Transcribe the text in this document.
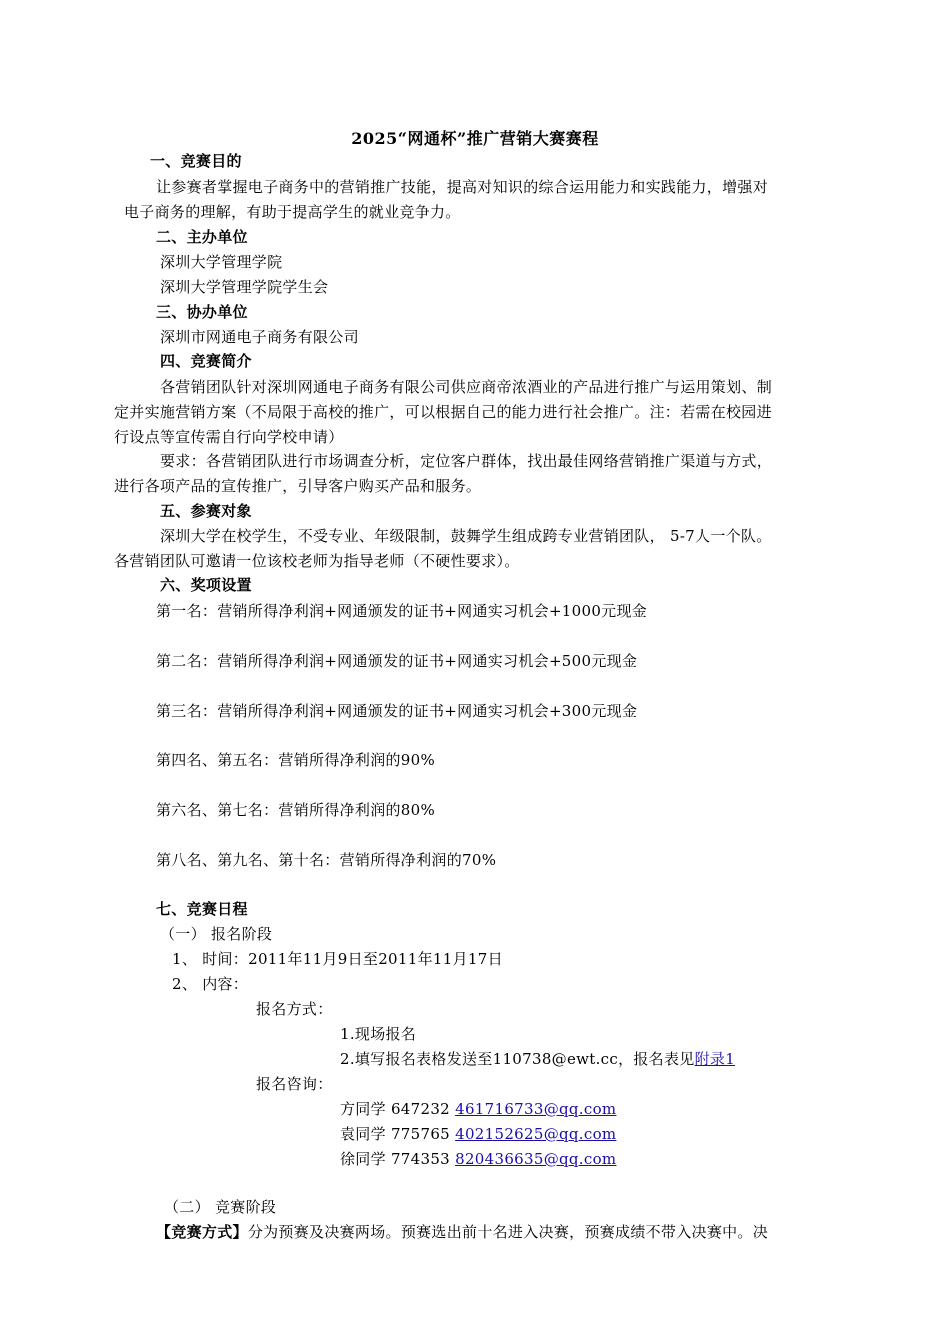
2025“网通杯”推广营销大赛赛程
一、竞赛目的
让参赛者掌握电子商务中的营销推广技能，提高对知识的综合运用能力和实践能力，增强对
电子商务的理解，有助于提高学生的就业竞争力。
二、主办单位
深圳大学管理学院
深圳大学管理学院学生会
三、协办单位
深圳市网通电子商务有限公司
四、竞赛简介
各营销团队针对深圳网通电子商务有限公司供应商帝浓酒业的产品进行推广与运用策划、制
定并实施营销方案（不局限于高校的推广，可以根据自己的能力进行社会推广。注：若需在校园进
行设点等宣传需自行向学校申请）
要求：各营销团队进行市场调查分析，定位客户群体，找出最佳网络营销推广渠道与方式，
进行各项产品的宣传推广，引导客户购买产品和服务。
五、参赛对象
深圳大学在校学生，不受专业、年级限制，鼓舞学生组成跨专业营销团队， 5-7人一个队。
各营销团队可邀请一位该校老师为指导老师（不硬性要求）。
六、奖项设置
第一名：营销所得净利润+网通颁发的证书+网通实习机会+1000元现金
第二名：营销所得净利润+网通颁发的证书+网通实习机会+500元现金
第三名：营销所得净利润+网通颁发的证书+网通实习机会+300元现金
第四名、第五名：营销所得净利润的90%
第六名、第七名：营销所得净利润的80%
第八名、第九名、第十名：营销所得净利润的70%
七、竞赛日程
（一） 报名阶段
1、 时间：2011年11月9日至2011年11月17日
2、 内容：
报名方式：
1.现场报名
2.填写报名表格发送至110738@ewt.cc，报名表见附录1
报名咨询：
方同学 647232 461716733@qq.com
袁同学 775765 402152625@qq.com
徐同学 774353 820436635@qq.com
（二） 竞赛阶段
【竞赛方式】分为预赛及决赛两场。预赛选出前十名进入决赛，预赛成绩不带入决赛中。决
